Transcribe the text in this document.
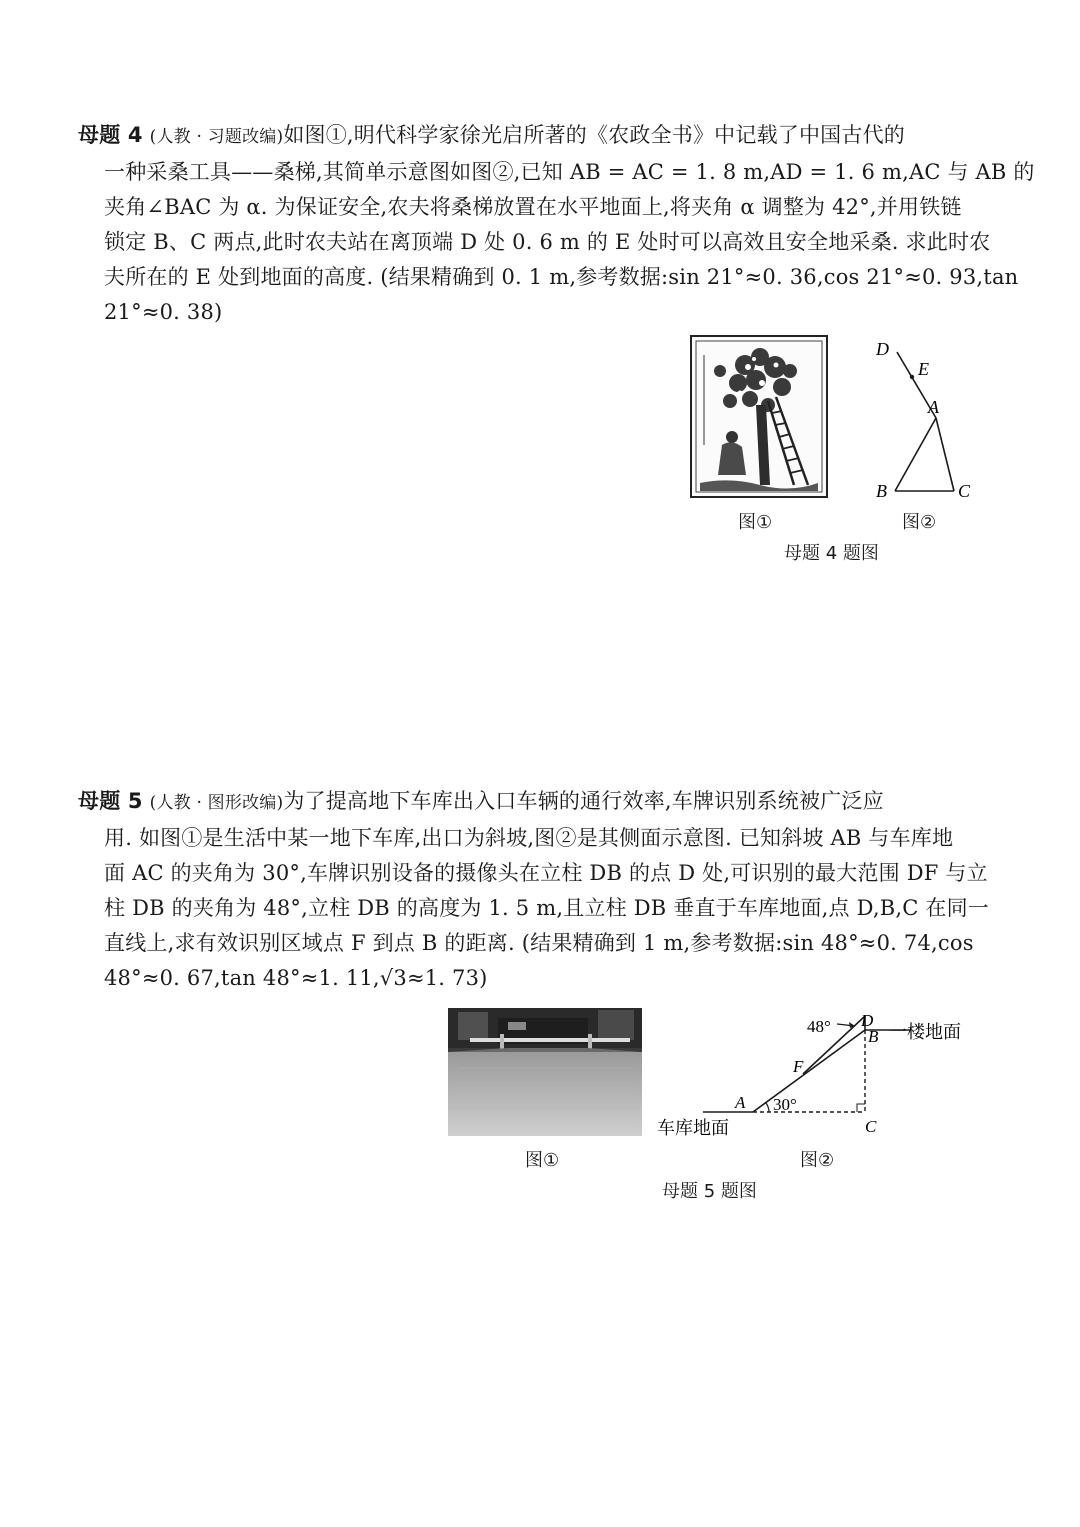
母题 4 (人教 · 习题改编)如图①,明代科学家徐光启所著的《农政全书》中记载了中国古代的
一种采桑工具——桑梯,其简单示意图如图②,已知 AB = AC = 1. 8 m,AD = 1. 6 m,AC 与 AB 的
夹角∠BAC 为 α. 为保证安全,农夫将桑梯放置在水平地面上,将夹角 α 调整为 42°,并用铁链
锁定 B、C 两点,此时农夫站在离顶端 D 处 0. 6 m 的 E 处时可以高效且安全地采桑. 求此时农
夫所在的 E 处到地面的高度. (结果精确到 0. 1 m,参考数据:sin 21°≈0. 36,cos 21°≈0. 93,tan
21°≈0. 38)
D
E
A
B	C
图①	图②
母题 4 题图
母题 5 (人教 · 图形改编)为了提高地下车库出入口车辆的通行效率,车牌识别系统被广泛应
用. 如图①是生活中某一地下车库,出口为斜坡,图②是其侧面示意图. 已知斜坡 AB 与车库地
面 AC 的夹角为 30°,车牌识别设备的摄像头在立柱 DB 的点 D 处,可识别的最大范围 DF 与立
柱 DB 的夹角为 48°,立柱 DB 的高度为 1. 5 m,且立柱 DB 垂直于车库地面,点 D,B,C 在同一
直线上,求有效识别区域点 F 到点 B 的距离. (结果精确到 1 m,参考数据:sin 48°≈0. 74,cos
48°≈0. 67,tan 48°≈1. 11,√3≈1. 73)
D
B
F
A
C
48°
30°
一楼地面
车库地面
图①	图②
母题 5 题图
